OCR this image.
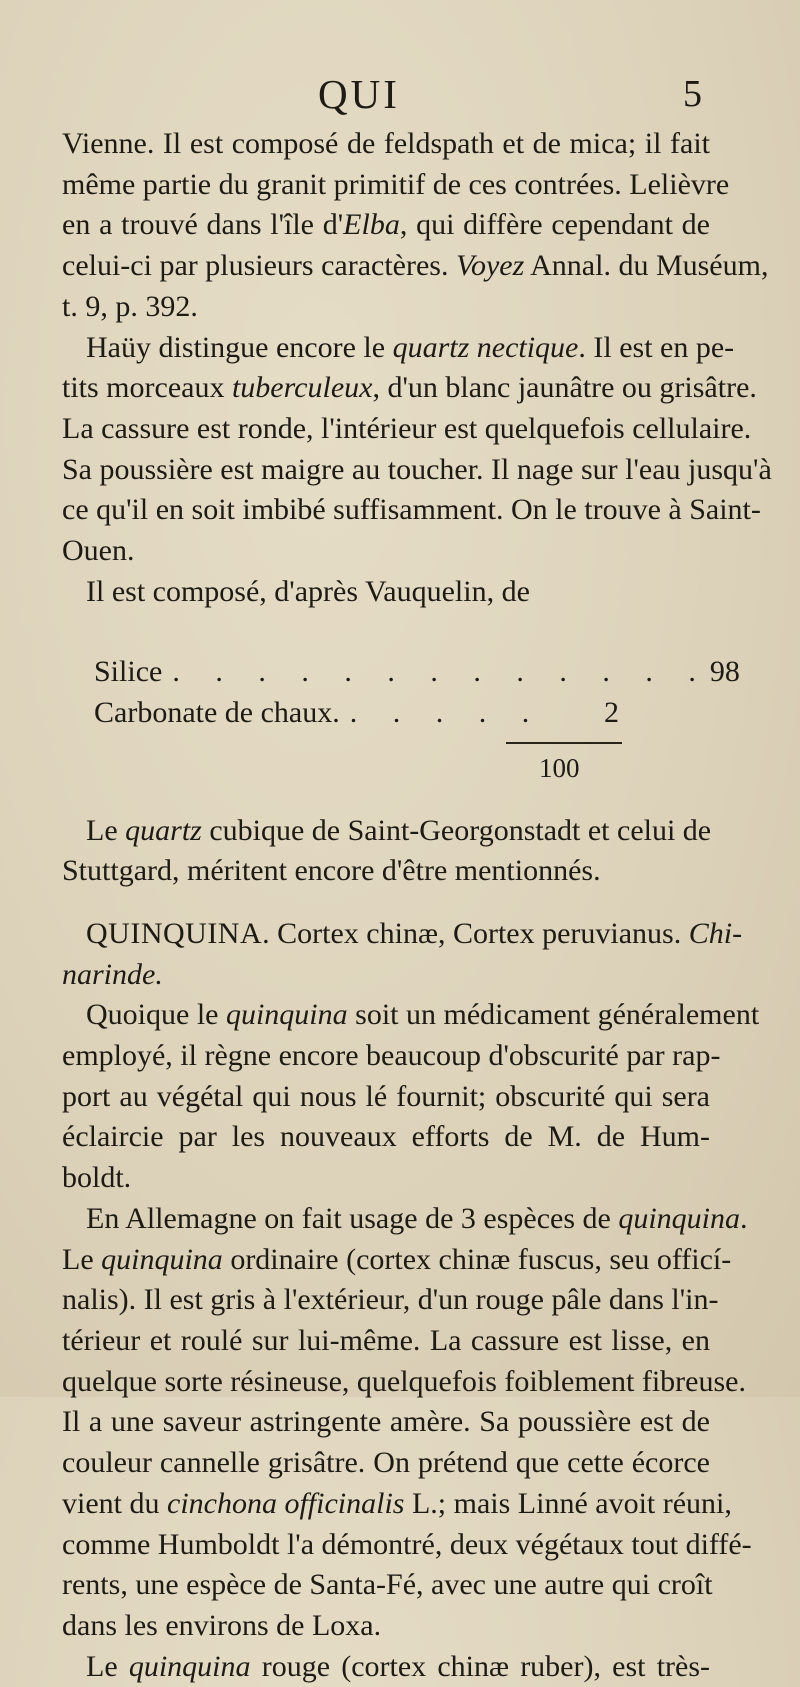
QUI	5
Vienne. Il est composé de feldspath et de mica; il fait
même partie du granit primitif de ces contrées. Lelièvre
en a trouvé dans l'île d'Elba, qui diffère cependant de
celui-ci par plusieurs caractères. Voyez Annal. du Muséum,
t. 9, p. 392.
Haüy distingue encore le quartz nectique. Il est en pe-
tits morceaux tuberculeux, d'un blanc jaunâtre ou grisâtre.
La cassure est ronde, l'intérieur est quelquefois cellulaire.
Sa poussière est maigre au toucher. Il nage sur l'eau jusqu'à
ce qu'il en soit imbibé suffisamment. On le trouve à Saint-
Ouen.
Il est composé, d'après Vauquelin, de
Silice . . . . . . . . . . . . . 98
Carbonate de chaux. . . . . .	2
100
Le quartz cubique de Saint-Georgonstadt et celui de
Stuttgard, méritent encore d'être mentionnés.
QUINQUINA. Cortex chinæ, Cortex peruvianus. Chi-
narinde.
Quoique le quinquina soit un médicament généralement
employé, il règne encore beaucoup d'obscurité par rap-
port au végétal qui nous lé fournit; obscurité qui sera
éclaircie par les nouveaux efforts de M. de Hum-
boldt.
En Allemagne on fait usage de 3 espèces de quinquina.
Le quinquina ordinaire (cortex chinæ fuscus, seu officí-
nalis). Il est gris à l'extérieur, d'un rouge pâle dans l'in-
térieur et roulé sur lui-même. La cassure est lisse, en
quelque sorte résineuse, quelquefois foiblement fibreuse.
Il a une saveur astringente amère. Sa poussière est de
couleur cannelle grisâtre. On prétend que cette écorce
vient du cinchona officinalis L.; mais Linné avoit réuni,
comme Humboldt l'a démontré, deux végétaux tout diffé-
rents, une espèce de Santa-Fé, avec une autre qui croît
dans les environs de Loxa.
Le quinquina rouge (cortex chinæ ruber), est très-
